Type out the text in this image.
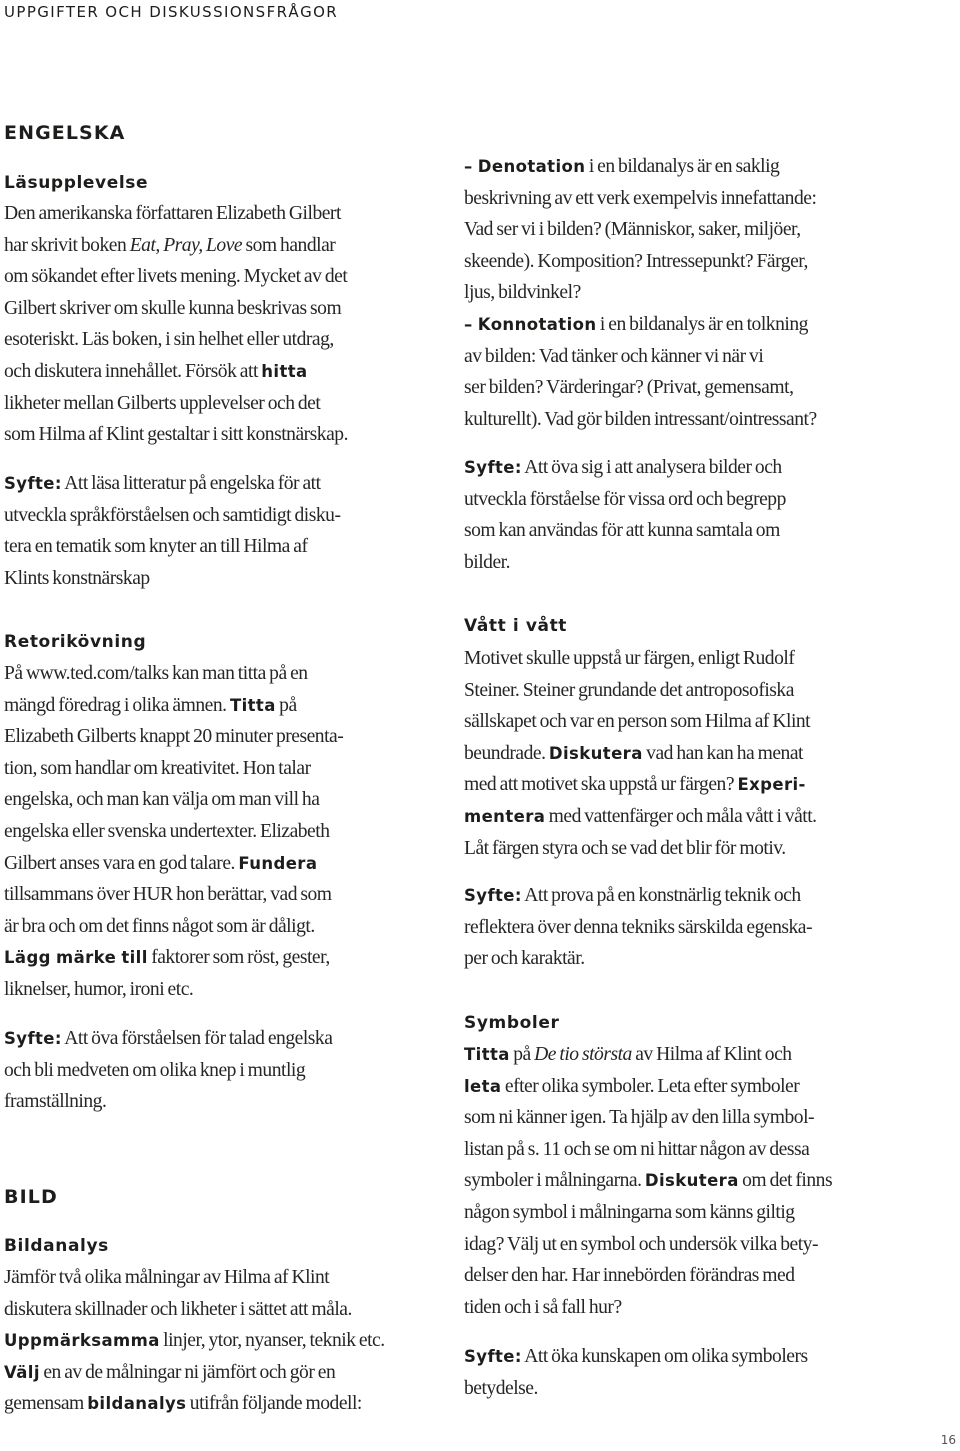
UPPGIFTER OCH DISKUSSIONSFRÅGOR
ENGELSKA
Läsupplevelse
Den amerikanska författaren Elizabeth Gilbert
har skrivit boken Eat, Pray, Love som handlar
om sökandet efter livets mening. Mycket av det
Gilbert skriver om skulle kunna beskrivas som
esoteriskt. Läs boken, i sin helhet eller utdrag,
och diskutera innehållet. Försök att hitta
likheter mellan Gilberts upplevelser och det
som Hilma af Klint gestaltar i sitt konstnärskap.
Syfte: Att läsa litteratur på engelska för att
utveckla språkförståelsen och samtidigt disku-
tera en tematik som knyter an till Hilma af
Klints konstnärskap
Retorikövning
På www.ted.com/talks kan man titta på en
mängd föredrag i olika ämnen. Titta på
Elizabeth Gilberts knappt 20 minuter presenta-
tion, som handlar om kreativitet. Hon talar
engelska, och man kan välja om man vill ha
engelska eller svenska undertexter. Elizabeth
Gilbert anses vara en god talare. Fundera
tillsammans över HUR hon berättar, vad som
är bra och om det finns något som är dåligt.
Lägg märke till faktorer som röst, gester,
liknelser, humor, ironi etc.
Syfte: Att öva förståelsen för talad engelska
och bli medveten om olika knep i muntlig
framställning.
BILD
Bildanalys
Jämför två olika målningar av Hilma af Klint
diskutera skillnader och likheter i sättet att måla.
Uppmärksamma linjer, ytor, nyanser, teknik etc.
Välj en av de målningar ni jämfört och gör en
gemensam bildanalys utifrån följande modell:
– Denotation i en bildanalys är en saklig
beskrivning av ett verk exempelvis innefattande:
Vad ser vi i bilden? (Människor, saker, miljöer,
skeende). Komposition? Intressepunkt? Färger,
ljus, bildvinkel?
– Konnotation i en bildanalys är en tolkning
av bilden: Vad tänker och känner vi när vi
ser bilden? Värderingar? (Privat, gemensamt,
kulturellt). Vad gör bilden intressant/ointressant?
Syfte: Att öva sig i att analysera bilder och
utveckla förståelse för vissa ord och begrepp
som kan användas för att kunna samtala om
bilder.
Vått i vått
Motivet skulle uppstå ur färgen, enligt Rudolf
Steiner. Steiner grundande det antroposofiska
sällskapet och var en person som Hilma af Klint
beundrade. Diskutera vad han kan ha menat
med att motivet ska uppstå ur färgen? Experi-
mentera med vattenfärger och måla vått i vått.
Låt färgen styra och se vad det blir för motiv.
Syfte: Att prova på en konstnärlig teknik och
reflektera över denna tekniks särskilda egenska-
per och karaktär.
Symboler
Titta på De tio största av Hilma af Klint och
leta efter olika symboler. Leta efter symboler
som ni känner igen. Ta hjälp av den lilla symbol-
listan på s. 11 och se om ni hittar någon av dessa
symboler i målningarna. Diskutera om det finns
någon symbol i målningarna som känns giltig
idag? Välj ut en symbol och undersök vilka bety-
delser den har. Har innebörden förändras med
tiden och i så fall hur?
Syfte: Att öka kunskapen om olika symbolers
betydelse.
16
